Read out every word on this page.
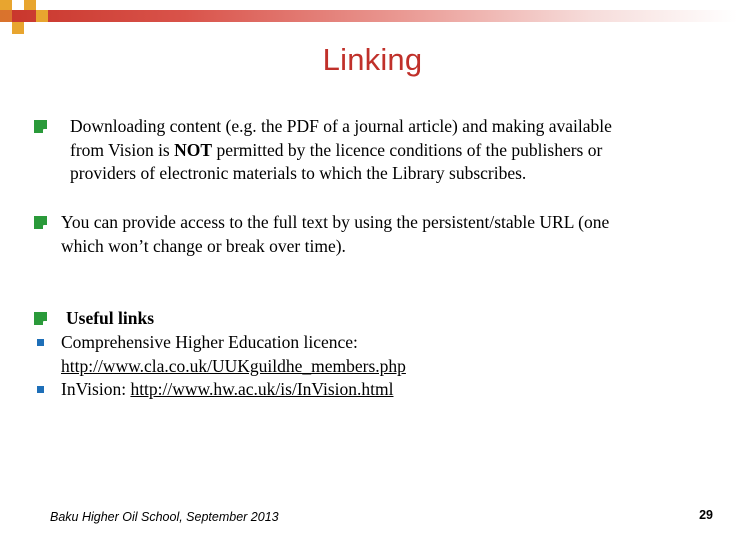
Linking
Downloading content (e.g. the PDF of a journal article) and making available
from Vision is NOT permitted by the licence conditions of the publishers or
providers of electronic materials to which the Library subscribes.
You can provide access to the full text by using the persistent/stable URL (one
which won’t change or break over time).
Useful links
Comprehensive Higher Education licence:
http://www.cla.co.uk/UUKguildhe_members.php
InVision: http://www.hw.ac.uk/is/InVision.html
Baku Higher Oil School, September 2013	29
